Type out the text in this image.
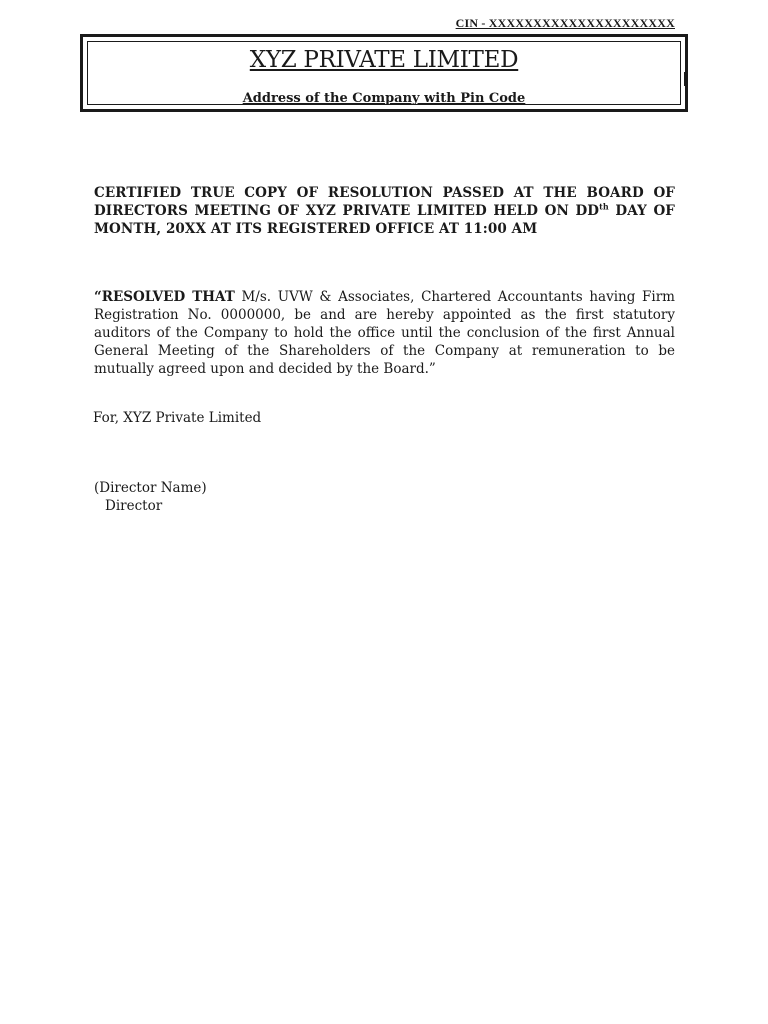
CIN - XXXXXXXXXXXXXXXXXXXXX
XYZ PRIVATE LIMITED
Address of the Company with Pin Code
CERTIFIED TRUE COPY OF RESOLUTION PASSED AT THE BOARD OF DIRECTORS MEETING OF XYZ PRIVATE LIMITED HELD ON DDth DAY OF MONTH, 20XX AT ITS REGISTERED OFFICE AT 11:00 AM
“RESOLVED THAT M/s. UVW & Associates, Chartered Accountants having Firm Registration No. 0000000, be and are hereby appointed as the first statutory auditors of the Company to hold the office until the conclusion of the first Annual General Meeting of the Shareholders of the Company at remuneration to be mutually agreed upon and decided by the Board.”
For, XYZ Private Limited
(Director Name)
Director
